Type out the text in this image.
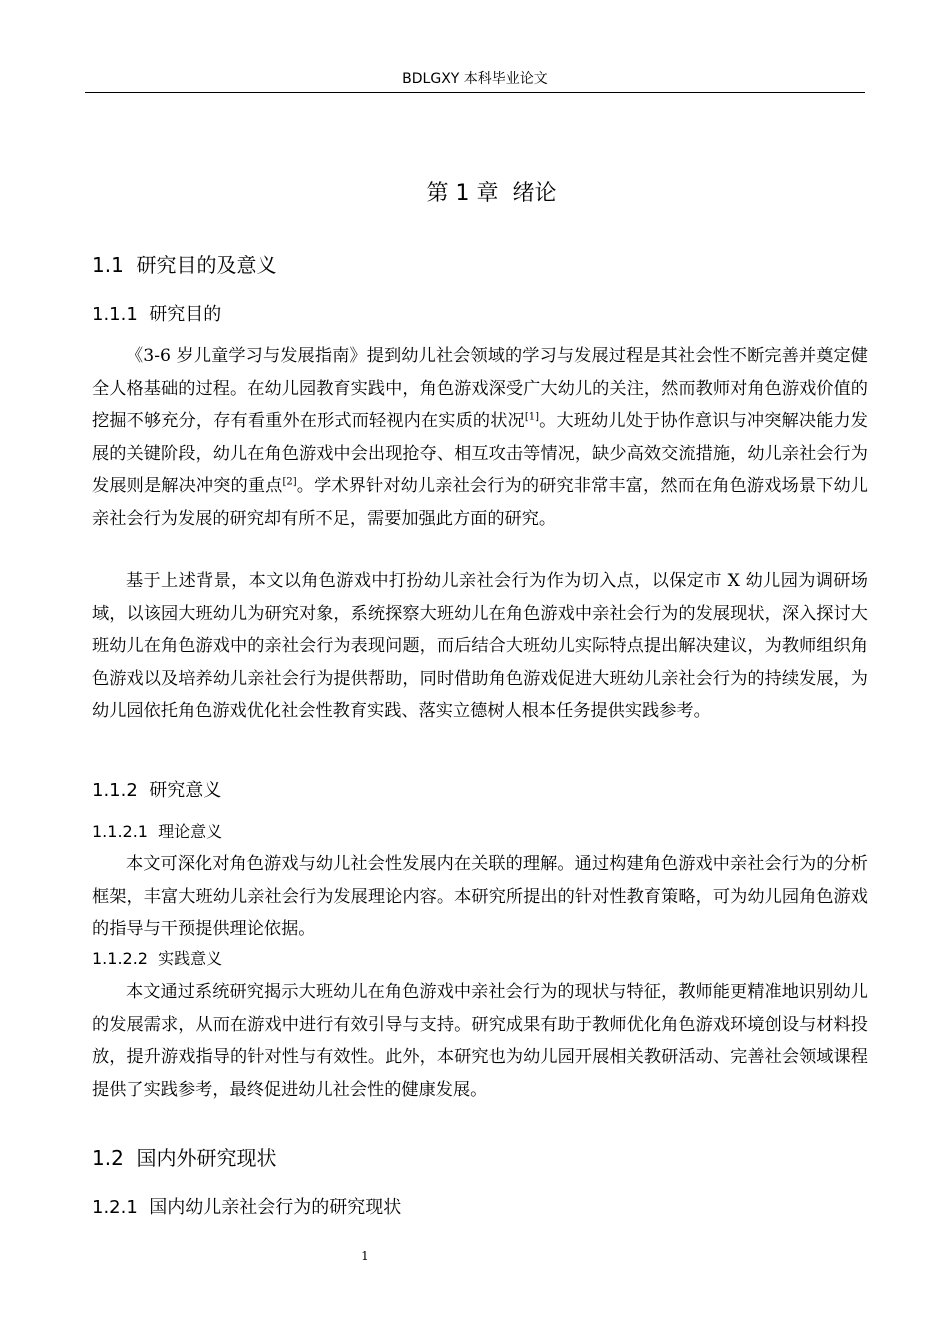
BDLGXY 本科毕业论文
第 1 章  绪论
1.1  研究目的及意义
1.1.1  研究目的

《3-6 岁儿童学习与发展指南》提到幼儿社会领域的学习与发展过程是其社会性不断完善并奠定健全人格基础的过程。在幼儿园教育实践中，角色游戏深受广大幼儿的关注，然而教师对角色游戏价值的挖掘不够充分，存有看重外在形式而轻视内在实质的状况[1]。大班幼儿处于协作意识与冲突解决能力发展的关键阶段，幼儿在角色游戏中会出现抢夺、相互攻击等情况，缺少高效交流措施，幼儿亲社会行为发展则是解决冲突的重点[2]。学术界针对幼儿亲社会行为的研究非常丰富，然而在角色游戏场景下幼儿亲社会行为发展的研究却有所不足，需要加强此方面的研究。

基于上述背景，本文以角色游戏中打扮幼儿亲社会行为作为切入点，以保定市 X 幼儿园为调研场域，以该园大班幼儿为研究对象，系统探察大班幼儿在角色游戏中亲社会行为的发展现状，深入探讨大班幼儿在角色游戏中的亲社会行为表现问题，而后结合大班幼儿实际特点提出解决建议，为教师组织角色游戏以及培养幼儿亲社会行为提供帮助，同时借助角色游戏促进大班幼儿亲社会行为的持续发展，为幼儿园依托角色游戏优化社会性教育实践、落实立德树人根本任务提供实践参考。

1.1.2  研究意义
1.1.2.1  理论意义

本文可深化对角色游戏与幼儿社会性发展内在关联的理解。通过构建角色游戏中亲社会行为的分析框架，丰富大班幼儿亲社会行为发展理论内容。本研究所提出的针对性教育策略，可为幼儿园角色游戏的指导与干预提供理论依据。

1.1.2.2  实践意义

本文通过系统研究揭示大班幼儿在角色游戏中亲社会行为的现状与特征，教师能更精准地识别幼儿的发展需求，从而在游戏中进行有效引导与支持。研究成果有助于教师优化角色游戏环境创设与材料投放，提升游戏指导的针对性与有效性。此外，本研究也为幼儿园开展相关教研活动、完善社会领域课程提供了实践参考，最终促进幼儿社会性的健康发展。

1.2  国内外研究现状
1.2.1  国内幼儿亲社会行为的研究现状
1
